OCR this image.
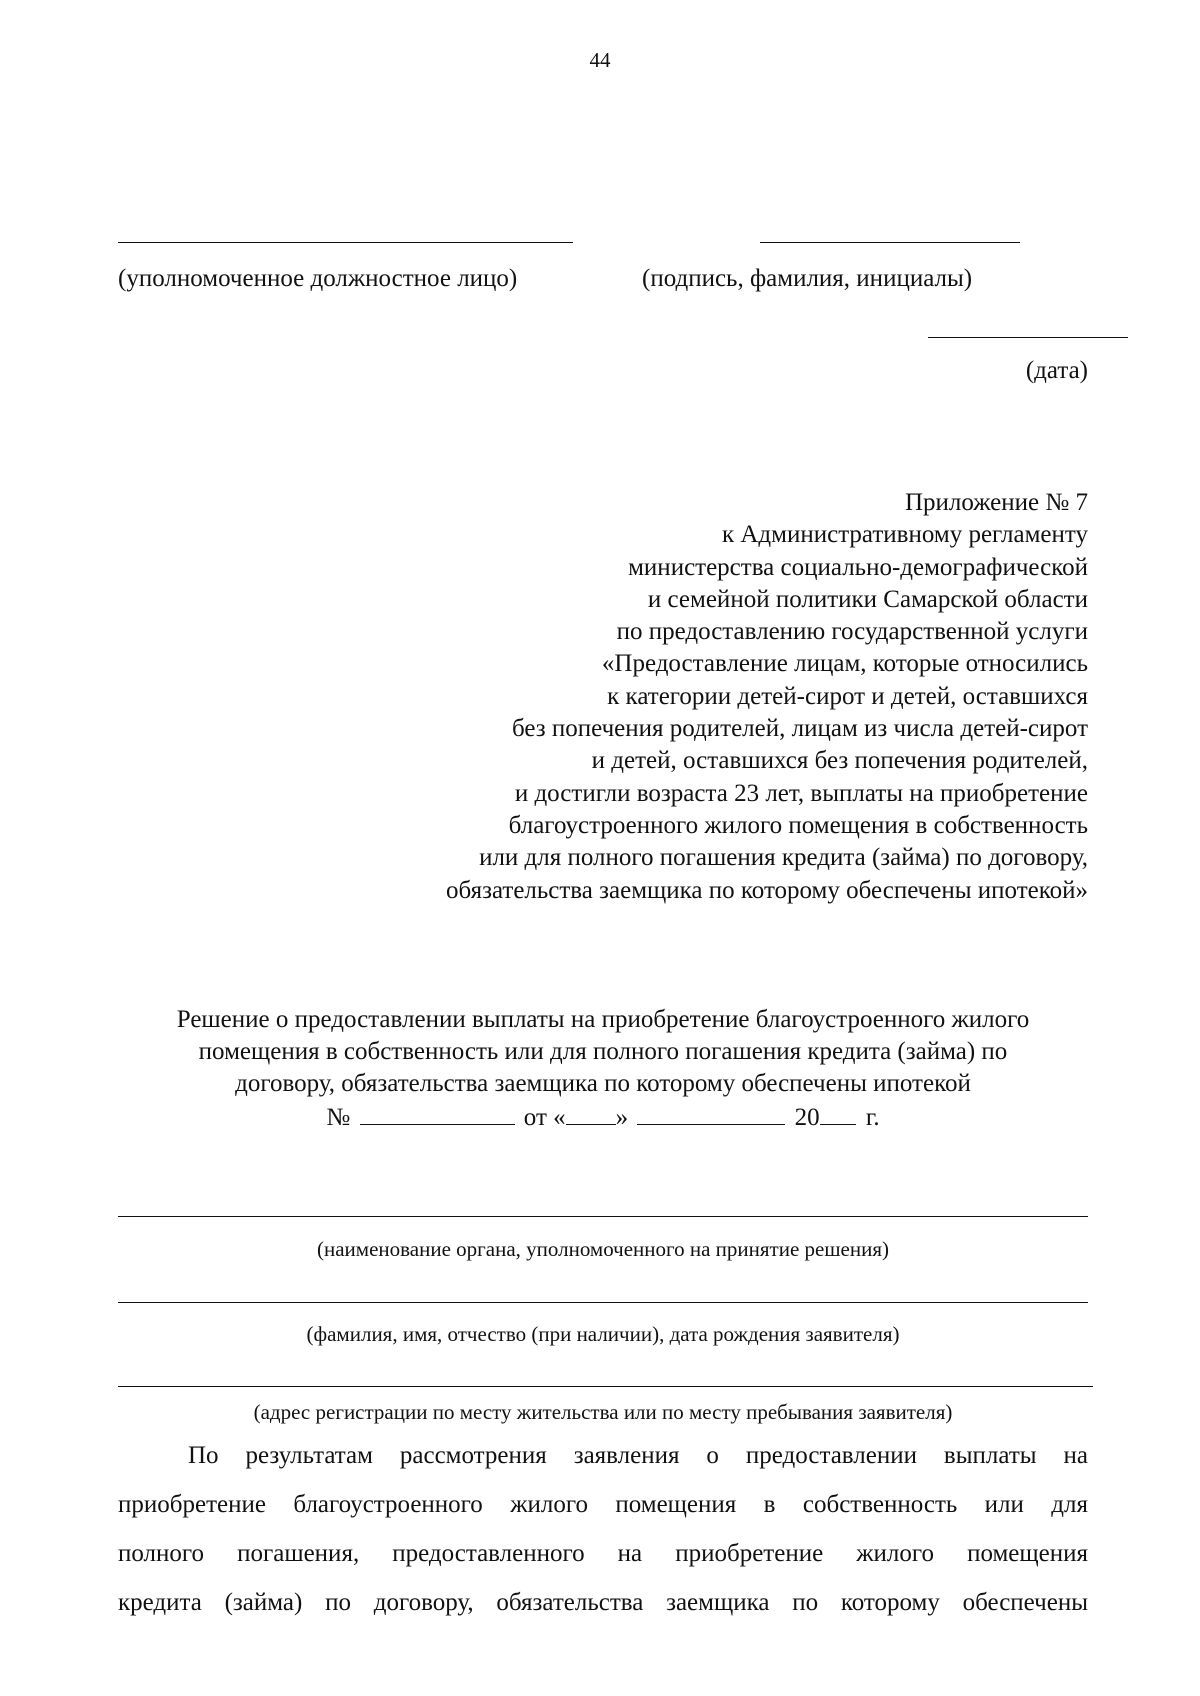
44
(уполномоченное должностное лицо)	(подпись, фамилия, инициалы)
(дата)
Приложение № 7
к Административному регламенту
министерства социально-демографической
и семейной политики Самарской области
по предоставлению государственной услуги
«Предоставление лицам, которые относились
к категории детей-сирот и детей, оставшихся
без попечения родителей, лицам из числа детей-сирот
и детей, оставшихся без попечения родителей,
и достигли возраста 23 лет, выплаты на приобретение
благоустроенного жилого помещения в собственность
или для полного погашения кредита (займа) по договору,
обязательства заемщика по которому обеспечены ипотекой»
Решение о предоставлении выплаты на приобретение благоустроенного жилого
помещения в собственность или для полного погашения кредита (займа) по
договору, обязательства заемщика по которому обеспечены ипотекой
№	от « »	20 г.
(наименование органа, уполномоченного на принятие решения)
(фамилия, имя, отчество (при наличии), дата рождения заявителя)
(адрес регистрации по месту жительства или по месту пребывания заявителя)
По результатам рассмотрения заявления о предоставлении выплаты на
приобретение благоустроенного жилого помещения в собственность или для
полного погашения, предоставленного на приобретение жилого помещения
кредита (займа) по договору, обязательства заемщика по которому обеспечены
